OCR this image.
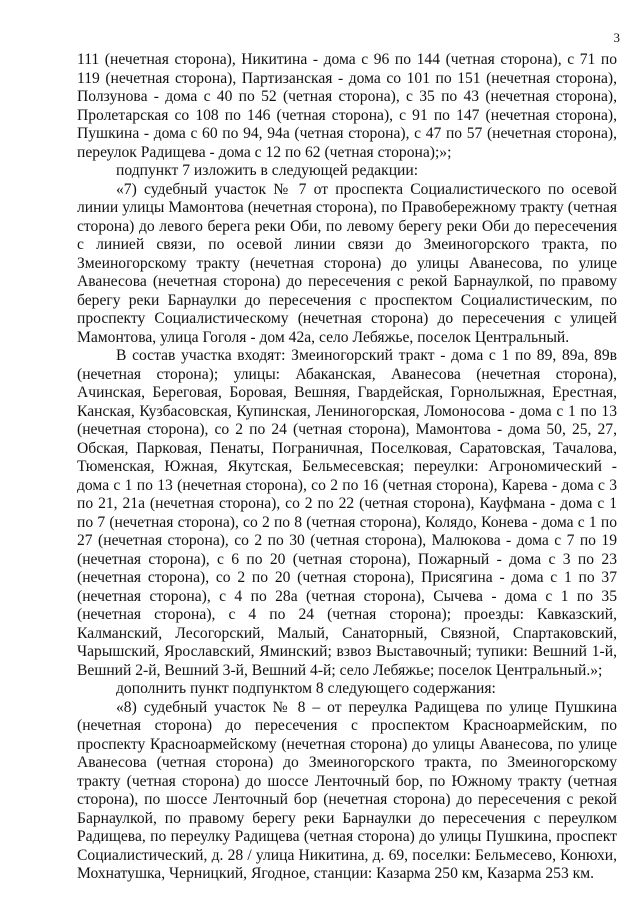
3

111 (нечетная сторона), Никитина - дома с 96 по 144 (четная сторона), с 71 по 119 (нечетная сторона), Партизанская - дома со 101 по 151 (нечетная сторона), Ползунова - дома с 40 по 52 (четная сторона), с 35 по 43 (нечетная сторона), Пролетарская со 108 по 146 (четная сторона), с 91 по 147 (нечетная сторона), Пушкина - дома с 60 по 94, 94а (четная сторона), с 47 по 57 (нечетная сторона), переулок Радищева - дома с 12 по 62 (четная сторона);»;

подпункт 7 изложить в следующей редакции:

«7) судебный участок № 7 от проспекта Социалистического по осевой линии улицы Мамонтова (нечетная сторона), по Правобережному тракту (четная сторона) до левого берега реки Оби, по левому берегу реки Оби до пересечения с линией связи, по осевой линии связи до Змеиногорского тракта, по Змеиногорскому тракту (нечетная сторона) до улицы Аванесова, по улице Аванесова (нечетная сторона) до пересечения с рекой Барнаулкой, по правому берегу реки Барнаулки до пересечения с проспектом Социалистическим, по проспекту Социалистическому (нечетная сторона) до пересечения с улицей Мамонтова, улица Гоголя - дом 42а, село Лебяжье, поселок Центральный.

В состав участка входят: Змеиногорский тракт - дома с 1 по 89, 89а, 89в (нечетная сторона); улицы: Абаканская, Аванесова (нечетная сторона), Ачинская, Береговая, Боровая, Вешняя, Гвардейская, Горнолыжная, Ерестная, Канская, Кузбасовская, Купинская, Лениногорская, Ломоносова - дома с 1 по 13 (нечетная сторона), со 2 по 24 (четная сторона), Мамонтова - дома 50, 25, 27, Обская, Парковая, Пенаты, Пограничная, Поселковая, Саратовская, Тачалова, Тюменская, Южная, Якутская, Бельмесевская; переулки: Агрономический - дома с 1 по 13 (нечетная сторона), со 2 по 16 (четная сторона), Карева - дома с 3 по 21, 21а (нечетная сторона), со 2 по 22 (четная сторона), Кауфмана - дома с 1 по 7 (нечетная сторона), со 2 по 8 (четная сторона), Колядо, Конева - дома с 1 по 27 (нечетная сторона), со 2 по 30 (четная сторона), Малюкова - дома с 7 по 19 (нечетная сторона), с 6 по 20 (четная сторона), Пожарный - дома с 3 по 23 (нечетная сторона), со 2 по 20 (четная сторона), Присягина - дома с 1 по 37 (нечетная сторона), с 4 по 28а (четная сторона), Сычева - дома с 1 по 35 (нечетная сторона), с 4 по 24 (четная сторона); проезды: Кавказский, Калманский, Лесогорский, Малый, Санаторный, Связной, Спартаковский, Чарышский, Ярославский, Яминский; взвоз Выставочный; тупики: Вешний 1-й, Вешний 2-й, Вешний 3-й, Вешний 4-й; село Лебяжье; поселок Центральный.»;

дополнить пункт подпунктом 8 следующего содержания:

«8) судебный участок № 8 – от переулка Радищева по улице Пушкина (нечетная сторона) до пересечения с проспектом Красноармейским, по проспекту Красноармейскому (нечетная сторона) до улицы Аванесова, по улице Аванесова (четная сторона) до Змеиногорского тракта, по Змеиногорскому тракту (четная сторона) до шоссе Ленточный бор, по Южному тракту (четная сторона), по шоссе Ленточный бор (нечетная сторона) до пересечения с рекой Барнаулкой, по правому берегу реки Барнаулки до пересечения с переулком Радищева, по переулку Радищева (четная сторона) до улицы Пушкина, проспект Социалистический, д. 28 / улица Никитина, д. 69, поселки: Бельмесево, Конюхи, Мохнатушка, Черницкий, Ягодное, станции: Казарма 250 км, Казарма 253 км.
